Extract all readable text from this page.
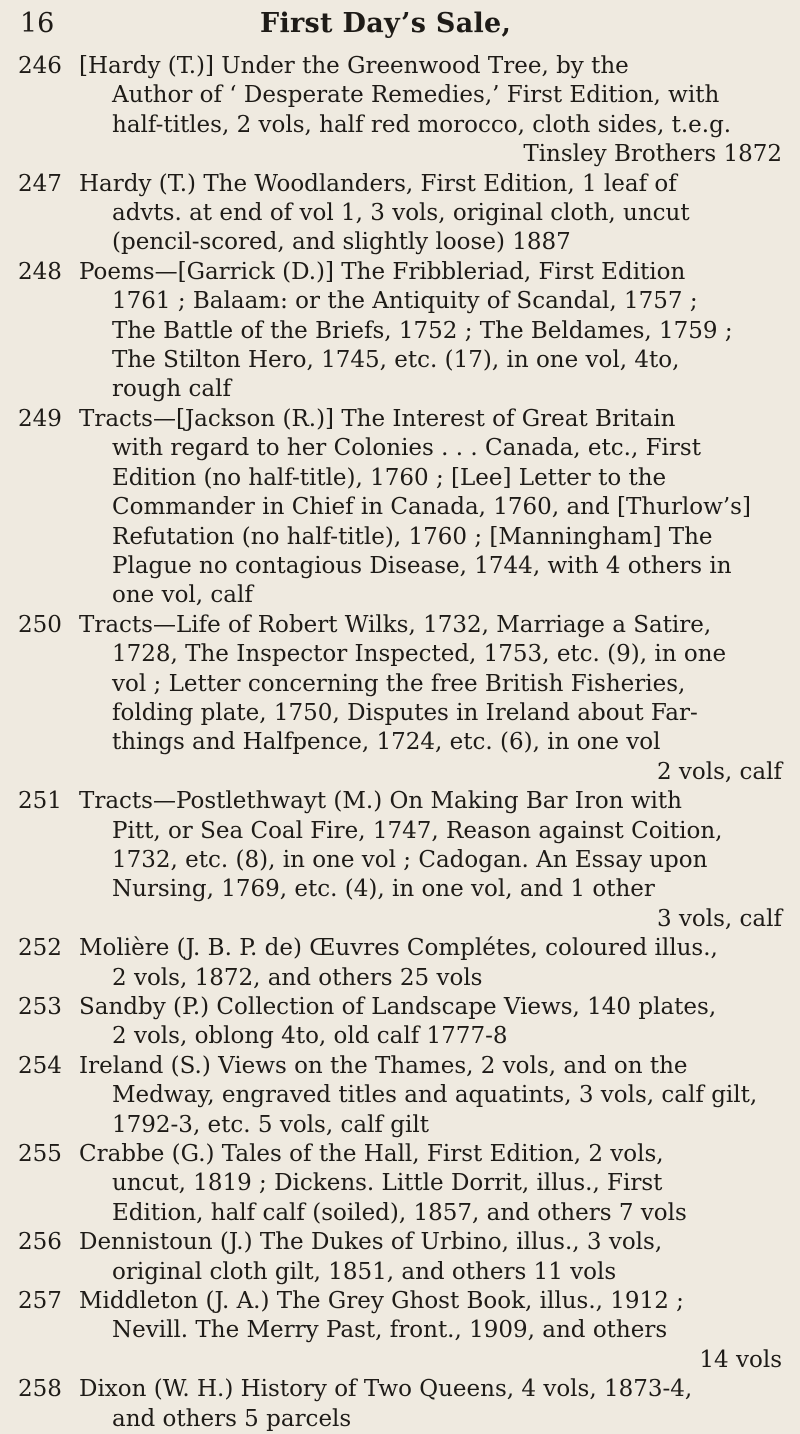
16	First Day’s Sale,
246 [Hardy (T.)] Under the Greenwood Tree, by the
Author of ‘ Desperate Remedies,’ First Edition, with
half-titles, 2 vols, half red morocco, cloth sides, t.e.g.
Tinsley Brothers 1872
247 Hardy (T.) The Woodlanders, First Edition, 1 leaf of
advts. at end of vol 1, 3 vols, original cloth, uncut
(pencil-scored, and slightly loose) 1887
248 Poems—[Garrick (D.)] The Fribbleriad, First Edition
1761 ; Balaam: or the Antiquity of Scandal, 1757 ;
The Battle of the Briefs, 1752 ; The Beldames, 1759 ;
The Stilton Hero, 1745, etc. (17), in one vol, 4to,
rough calf
249 Tracts—[Jackson (R.)] The Interest of Great Britain
with regard to her Colonies . . . Canada, etc., First
Edition (no half-title), 1760 ; [Lee] Letter to the
Commander in Chief in Canada, 1760, and [Thurlow’s]
Refutation (no half-title), 1760 ; [Manningham] The
Plague no contagious Disease, 1744, with 4 others in
one vol, calf
250 Tracts—Life of Robert Wilks, 1732, Marriage a Satire,
1728, The Inspector Inspected, 1753, etc. (9), in one
vol ; Letter concerning the free British Fisheries,
folding plate, 1750, Disputes in Ireland about Far-
things and Halfpence, 1724, etc. (6), in one vol
2 vols, calf
251 Tracts—Postlethwayt (M.) On Making Bar Iron with
Pitt, or Sea Coal Fire, 1747, Reason against Coition,
1732, etc. (8), in one vol ; Cadogan. An Essay upon
Nursing, 1769, etc. (4), in one vol, and 1 other
3 vols, calf
252 Molière (J. B. P. de) Œuvres Complétes, coloured illus.,
2 vols, 1872, and others 25 vols
253 Sandby (P.) Collection of Landscape Views, 140 plates,
2 vols, oblong 4to, old calf 1777-8
254 Ireland (S.) Views on the Thames, 2 vols, and on the
Medway, engraved titles and aquatints, 3 vols, calf gilt,
1792-3, etc. 5 vols, calf gilt
255 Crabbe (G.) Tales of the Hall, First Edition, 2 vols,
uncut, 1819 ; Dickens. Little Dorrit, illus., First
Edition, half calf (soiled), 1857, and others 7 vols
256 Dennistoun (J.) The Dukes of Urbino, illus., 3 vols,
original cloth gilt, 1851, and others 11 vols
257 Middleton (J. A.) The Grey Ghost Book, illus., 1912 ;
Nevill. The Merry Past, front., 1909, and others
14 vols
258 Dixon (W. H.) History of Two Queens, 4 vols, 1873-4,
and others 5 parcels
